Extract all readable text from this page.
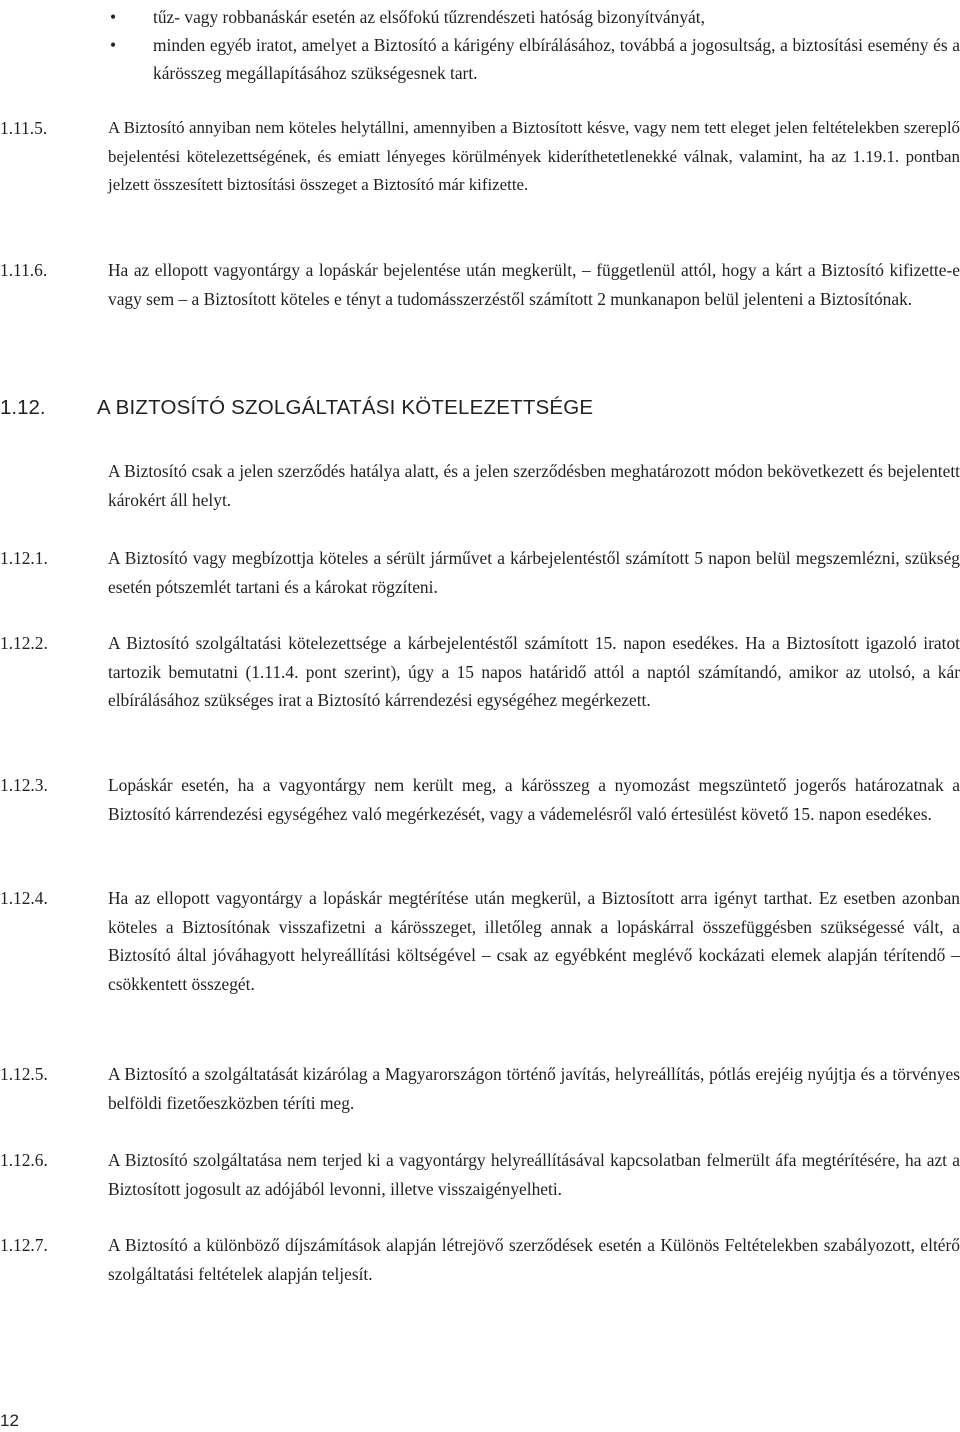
• tűz- vagy robbanáskár esetén az elsőfokú tűzrendészeti hatóság bizonyítványát,
• minden egyéb iratot, amelyet a Biztosító a kárigény elbírálásához, továbbá a jogosultság, a biztosítási esemény és a kárösszeg megállapításához szükségesnek tart.
1.11.5.	A Biztosító annyiban nem köteles helytállni, amennyiben a Biztosított késve, vagy nem tett eleget jelen feltételekben szereplő bejelentési kötelezettségének, és emiatt lényeges körülmények kideríthetetlenekké válnak, valamint, ha az 1.19.1. pontban jelzett összesített biztosítási összeget a Biztosító már kifizette.
1.11.6.	Ha az ellopott vagyontárgy a lopáskár bejelentése után megkerült, – függetlenül attól, hogy a kárt a Biztosító kifizette-e vagy sem – a Biztosított köteles e tényt a tudomásszerzéstől számított 2 munkanapon belül jelenteni a Biztosítónak.
1.12.	A BIZTOSÍTÓ SZOLGÁLTATÁSI KÖTELEZETTSÉGE
A Biztosító csak a jelen szerződés hatálya alatt, és a jelen szerződésben meghatározott módon bekövetkezett és bejelentett károkért áll helyt.
1.12.1.	A Biztosító vagy megbízottja köteles a sérült járművet a kárbejelentéstől számított 5 napon belül megszemlézni, szükség esetén pótszemlét tartani és a károkat rögzíteni.
1.12.2.	A Biztosító szolgáltatási kötelezettsége a kárbejelentéstől számított 15. napon esedékes. Ha a Biztosított igazoló iratot tartozik bemutatni (1.11.4. pont szerint), úgy a 15 napos határidő attól a naptól számítandó, amikor az utolsó, a kár elbírálásához szükséges irat a Biztosító kárrendezési egységéhez megérkezett.
1.12.3.	Lopáskár esetén, ha a vagyontárgy nem került meg, a kárösszeg a nyomozást megszüntető jogerős határozatnak a Biztosító kárrendezési egységéhez való megérkezését, vagy a vádemelésről való értesülést követő 15. napon esedékes.
1.12.4.	Ha az ellopott vagyontárgy a lopáskár megtérítése után megkerül, a Biztosított arra igényt tarthat. Ez esetben azonban köteles a Biztosítónak visszafizetni a kárösszeget, illetőleg annak a lopáskárral összefüggésben szükségessé vált, a Biztosító által jóváhagyott helyreállítási költségével – csak az egyébként meglévő kockázati elemek alapján térítendő – csökkentett összegét.
1.12.5.	A Biztosító a szolgáltatását kizárólag a Magyarországon történő javítás, helyreállítás, pótlás erejéig nyújtja és a törvényes belföldi fizetőeszközben téríti meg.
1.12.6.	A Biztosító szolgáltatása nem terjed ki a vagyontárgy helyreállításával kapcsolatban felmerült áfa megtérítésére, ha azt a Biztosított jogosult az adójából levonni, illetve visszaigényelheti.
1.12.7.	A Biztosító a különböző díjszámítások alapján létrejövő szerződések esetén a Különös Feltételekben szabályozott, eltérő szolgáltatási feltételek alapján teljesít.
12
